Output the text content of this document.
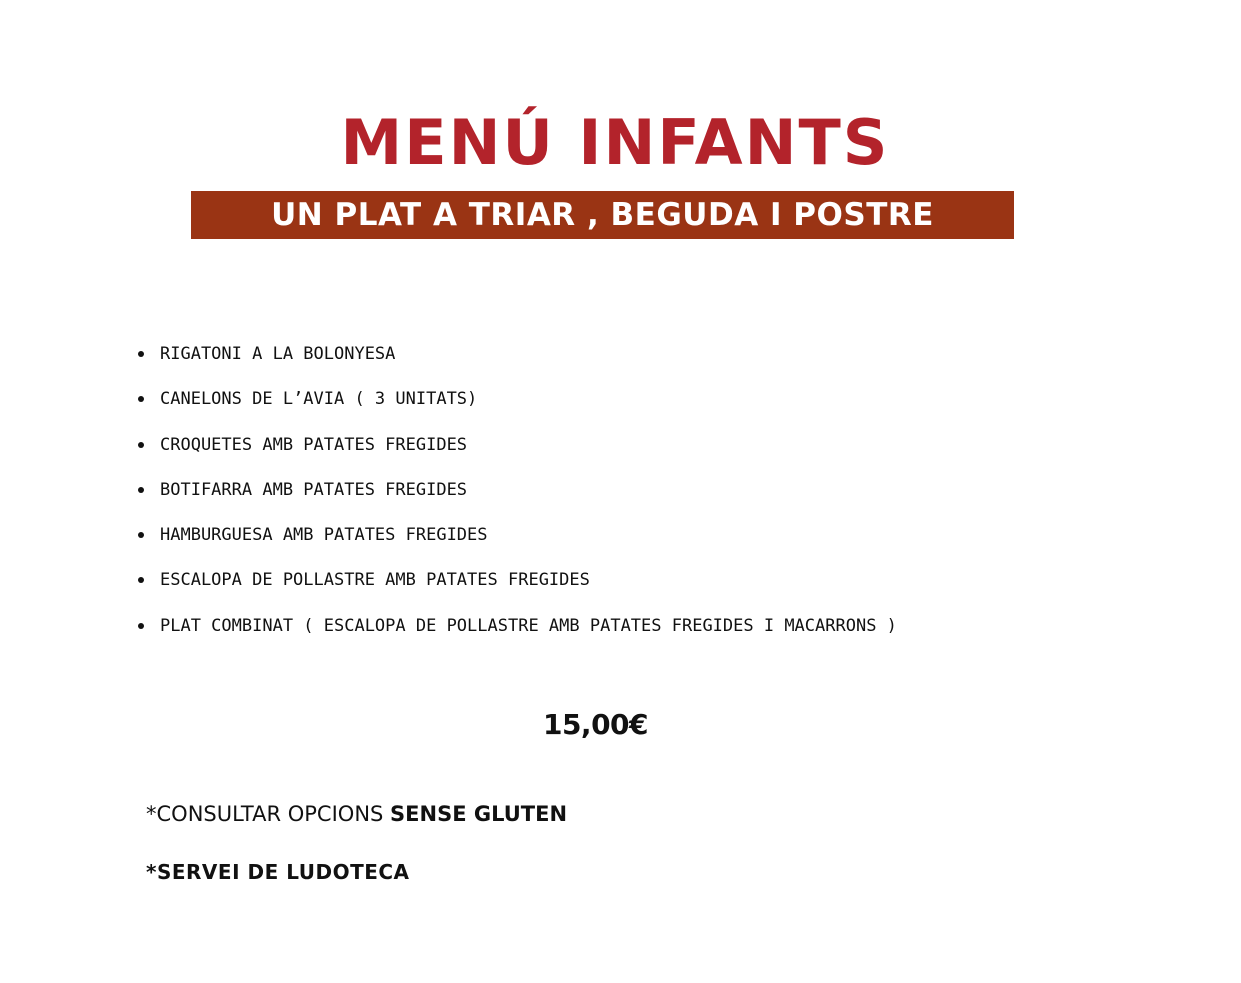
MENÚ INFANTS
UN PLAT A TRIAR , BEGUDA I POSTRE
RIGATONI A LA BOLONYESA
CANELONS DE L’AVIA ( 3 UNITATS)
CROQUETES AMB PATATES FREGIDES
BOTIFARRA AMB PATATES FREGIDES
HAMBURGUESA AMB PATATES FREGIDES
ESCALOPA DE POLLASTRE AMB PATATES FREGIDES
PLAT COMBINAT ( ESCALOPA DE POLLASTRE AMB PATATES FREGIDES I MACARRONS )
15,00€
*CONSULTAR OPCIONS SENSE GLUTEN
*SERVEI DE LUDOTECA
